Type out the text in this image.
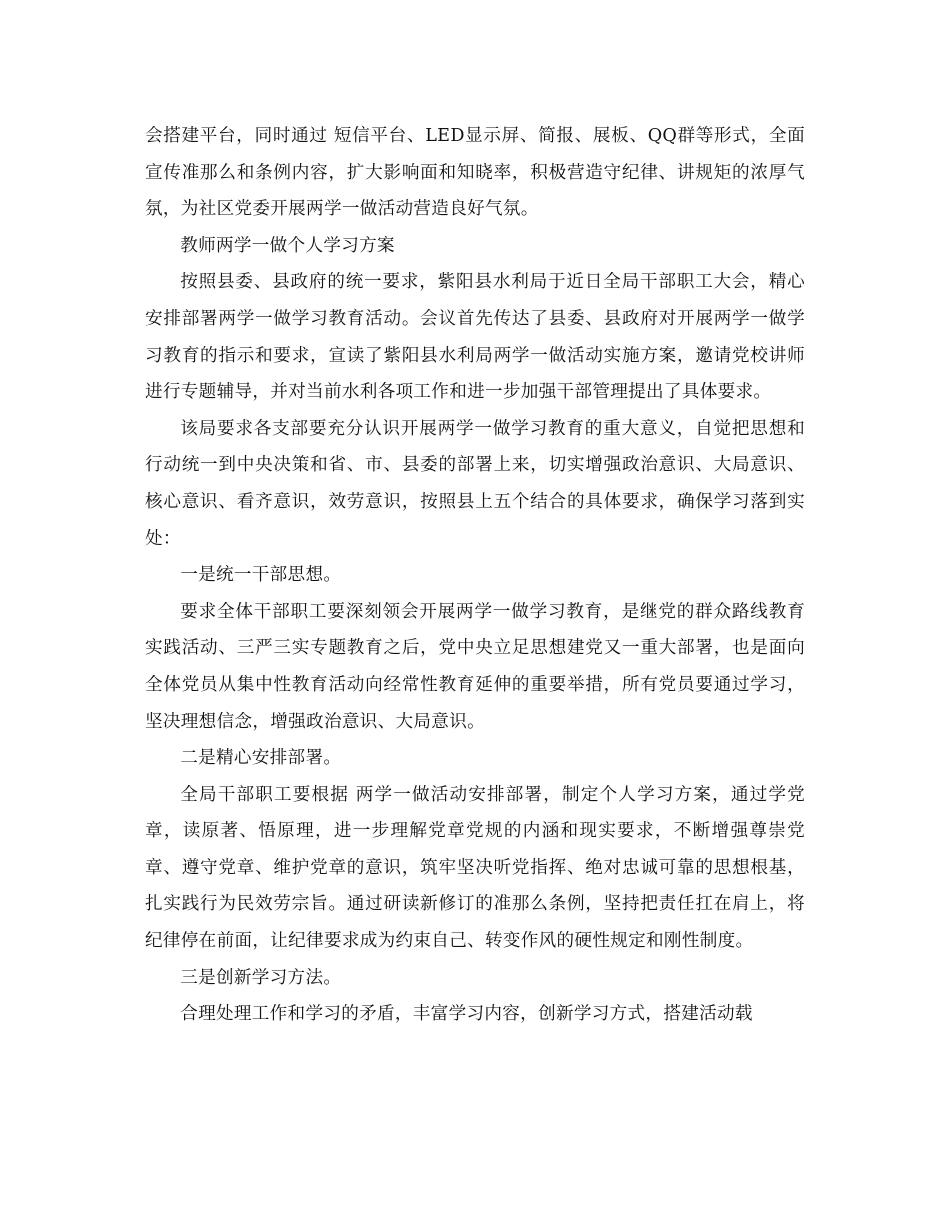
会搭建平台，同时通过 短信平台、LED显示屏、简报、展板、QQ群等形式，全面宣传准那么和条例内容，扩大影响面和知晓率，积极营造守纪律、讲规矩的浓厚气氛，为社区党委开展两学一做活动营造良好气氛。

教师两学一做个人学习方案

按照县委、县政府的统一要求，紫阳县水利局于近日全局干部职工大会，精心安排部署两学一做学习教育活动。会议首先传达了县委、县政府对开展两学一做学习教育的指示和要求，宣读了紫阳县水利局两学一做活动实施方案，邀请党校讲师进行专题辅导，并对当前水利各项工作和进一步加强干部管理提出了具体要求。

该局要求各支部要充分认识开展两学一做学习教育的重大意义，自觉把思想和行动统一到中央决策和省、市、县委的部署上来，切实增强政治意识、大局意识、核心意识、看齐意识，效劳意识，按照县上五个结合的具体要求，确保学习落到实处：

一是统一干部思想。

要求全体干部职工要深刻领会开展两学一做学习教育，是继党的群众路线教育实践活动、三严三实专题教育之后，党中央立足思想建党又一重大部署，也是面向全体党员从集中性教育活动向经常性教育延伸的重要举措，所有党员要通过学习，坚决理想信念，增强政治意识、大局意识。

二是精心安排部署。

全局干部职工要根据 两学一做活动安排部署，制定个人学习方案，通过学党章，读原著、悟原理，进一步理解党章党规的内涵和现实要求，不断增强尊崇党章、遵守党章、维护党章的意识，筑牢坚决听党指挥、绝对忠诚可靠的思想根基，扎实践行为民效劳宗旨。通过研读新修订的准那么条例，坚持把责任扛在肩上，将纪律停在前面，让纪律要求成为约束自己、转变作风的硬性规定和刚性制度。

三是创新学习方法。

合理处理工作和学习的矛盾，丰富学习内容，创新学习方式，搭建活动载
